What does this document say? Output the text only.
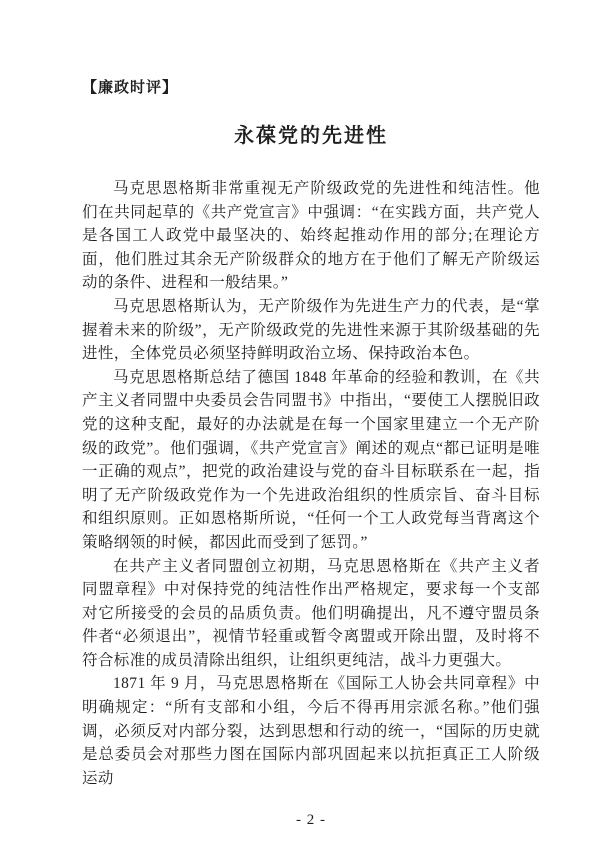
【廉政时评】
永葆党的先进性

马克思恩格斯非常重视无产阶级政党的先进性和纯洁性。他们在共同起草的《共产党宣言》中强调：“在实践方面，共产党人是各国工人政党中最坚决的、始终起推动作用的部分;在理论方面，他们胜过其余无产阶级群众的地方在于他们了解无产阶级运动的条件、进程和一般结果。”

马克思恩格斯认为，无产阶级作为先进生产力的代表，是“掌握着未来的阶级”，无产阶级政党的先进性来源于其阶级基础的先进性，全体党员必须坚持鲜明政治立场、保持政治本色。

马克思恩格斯总结了德国 1848 年革命的经验和教训，在《共产主义者同盟中央委员会告同盟书》中指出，“要使工人摆脱旧政党的这种支配，最好的办法就是在每一个国家里建立一个无产阶级的政党”。他们强调，《共产党宣言》阐述的观点“都已证明是唯一正确的观点”，把党的政治建设与党的奋斗目标联系在一起，指明了无产阶级政党作为一个先进政治组织的性质宗旨、奋斗目标和组织原则。正如恩格斯所说，“任何一个工人政党每当背离这个策略纲领的时候，都因此而受到了惩罚。”

在共产主义者同盟创立初期，马克思恩格斯在《共产主义者同盟章程》中对保持党的纯洁性作出严格规定，要求每一个支部对它所接受的会员的品质负责。他们明确提出，凡不遵守盟员条件者“必须退出”，视情节轻重或暂令离盟或开除出盟，及时将不符合标准的成员清除出组织，让组织更纯洁，战斗力更强大。

1871 年 9 月，马克思恩格斯在《国际工人协会共同章程》中明确规定：“所有支部和小组，今后不得再用宗派名称。”他们强调，必须反对内部分裂，达到思想和行动的统一，“国际的历史就是总委员会对那些力图在国际内部巩固起来以抗拒真正工人阶级运动

- 2 -
